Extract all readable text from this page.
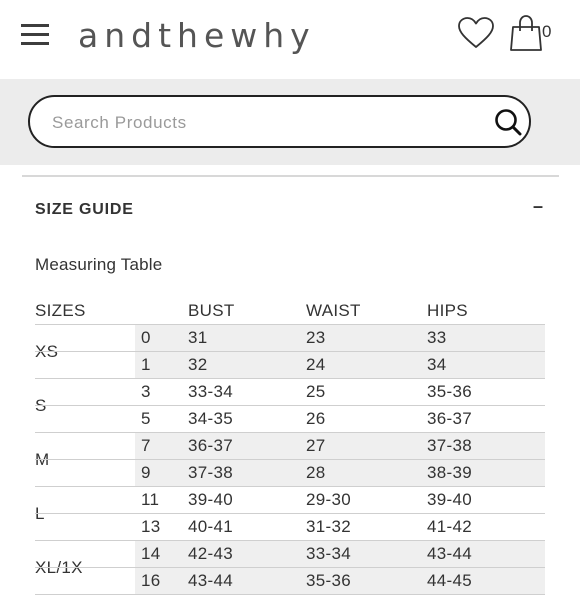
andthewhy	0
Search Products
SIZE GUIDE	–
Measuring Table
SIZES	BUST	WAIST	HIPS
XS
0 31	23	33
1 32	24	34
S
3 33-34	25	35-36
5 34-35	26	36-37
M
7 36-37	27	37-38
9 37-38	28	38-39
L
11 39-40	29-30	39-40
13 40-41	31-32	41-42
XL/1X
14 42-43	33-34	43-44
16 43-44	35-36	44-45
